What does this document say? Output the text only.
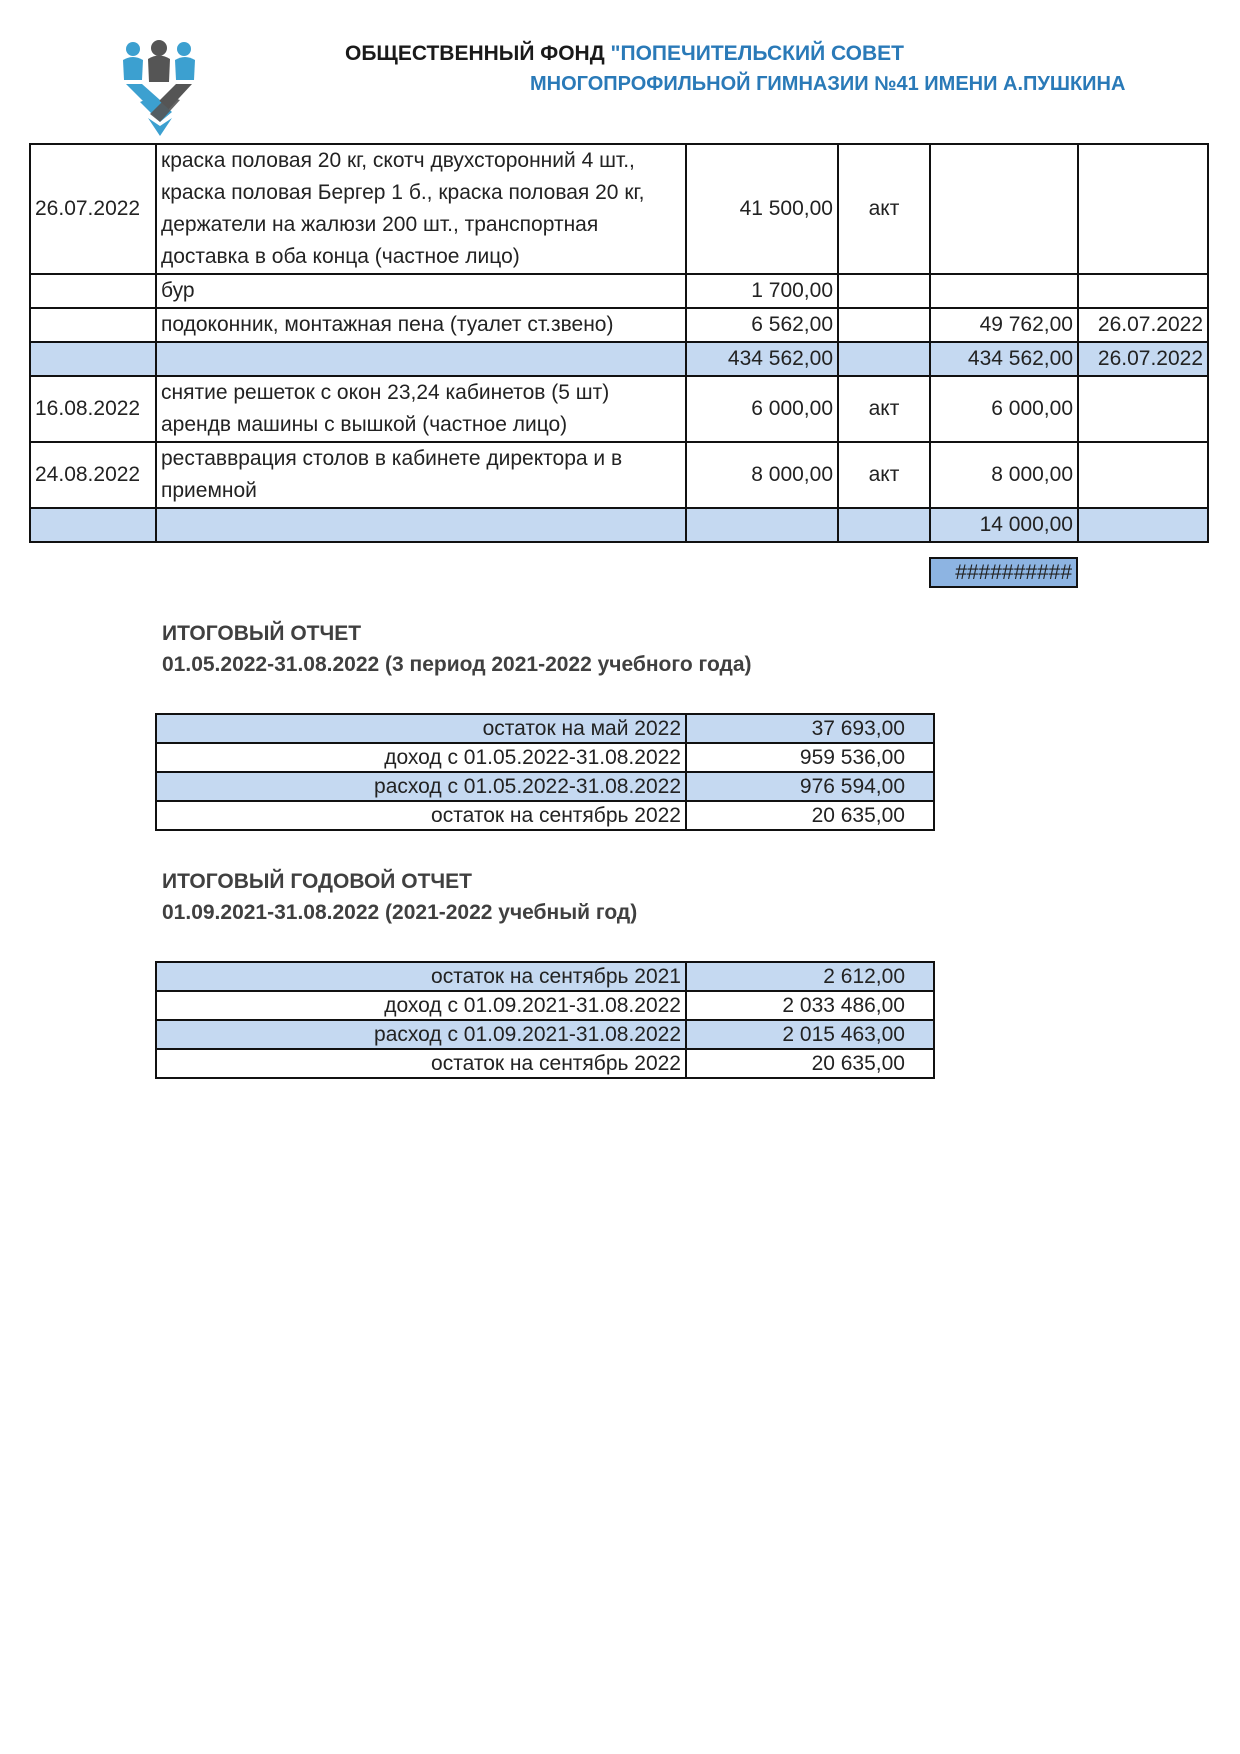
ОБЩЕСТВЕННЫЙ ФОНД "ПОПЕЧИТЕЛЬСКИЙ СОВЕТ
МНОГОПРОФИЛЬНОЙ ГИМНАЗИИ №41 ИМЕНИ А.ПУШКИНА
26.07.2022	краска половая 20 кг, скотч двухсторонний 4 шт., краска половая Бергер 1 б., краска половая 20 кг, держатели на жалюзи 200 шт., транспортная доставка в оба конца (частное лицо)	41 500,00	акт		
	бур	1 700,00			
	подоконник, монтажная пена (туалет ст.звено)	6 562,00		49 762,00	26.07.2022
		434 562,00		434 562,00	26.07.2022
16.08.2022	снятие решеток с окон 23,24 кабинетов (5 шт) арендв машины с вышкой (частное лицо)	6 000,00	акт	6 000,00	
24.08.2022	реставврация столов в кабинете директора и в приемной	8 000,00	акт	8 000,00	
				14 000,00	
##########
ИТОГОВЫЙ ОТЧЕТ
01.05.2022-31.08.2022 (3 период 2021-2022 учебного года)
остаток на май 2022	37 693,00
доход с 01.05.2022-31.08.2022	959 536,00
расход с 01.05.2022-31.08.2022	976 594,00
остаток на сентябрь 2022	20 635,00
ИТОГОВЫЙ ГОДОВОЙ ОТЧЕТ
01.09.2021-31.08.2022 (2021-2022 учебный год)
остаток на сентябрь 2021	2 612,00
доход с 01.09.2021-31.08.2022	2 033 486,00
расход с 01.09.2021-31.08.2022	2 015 463,00
остаток на сентябрь 2022	20 635,00
